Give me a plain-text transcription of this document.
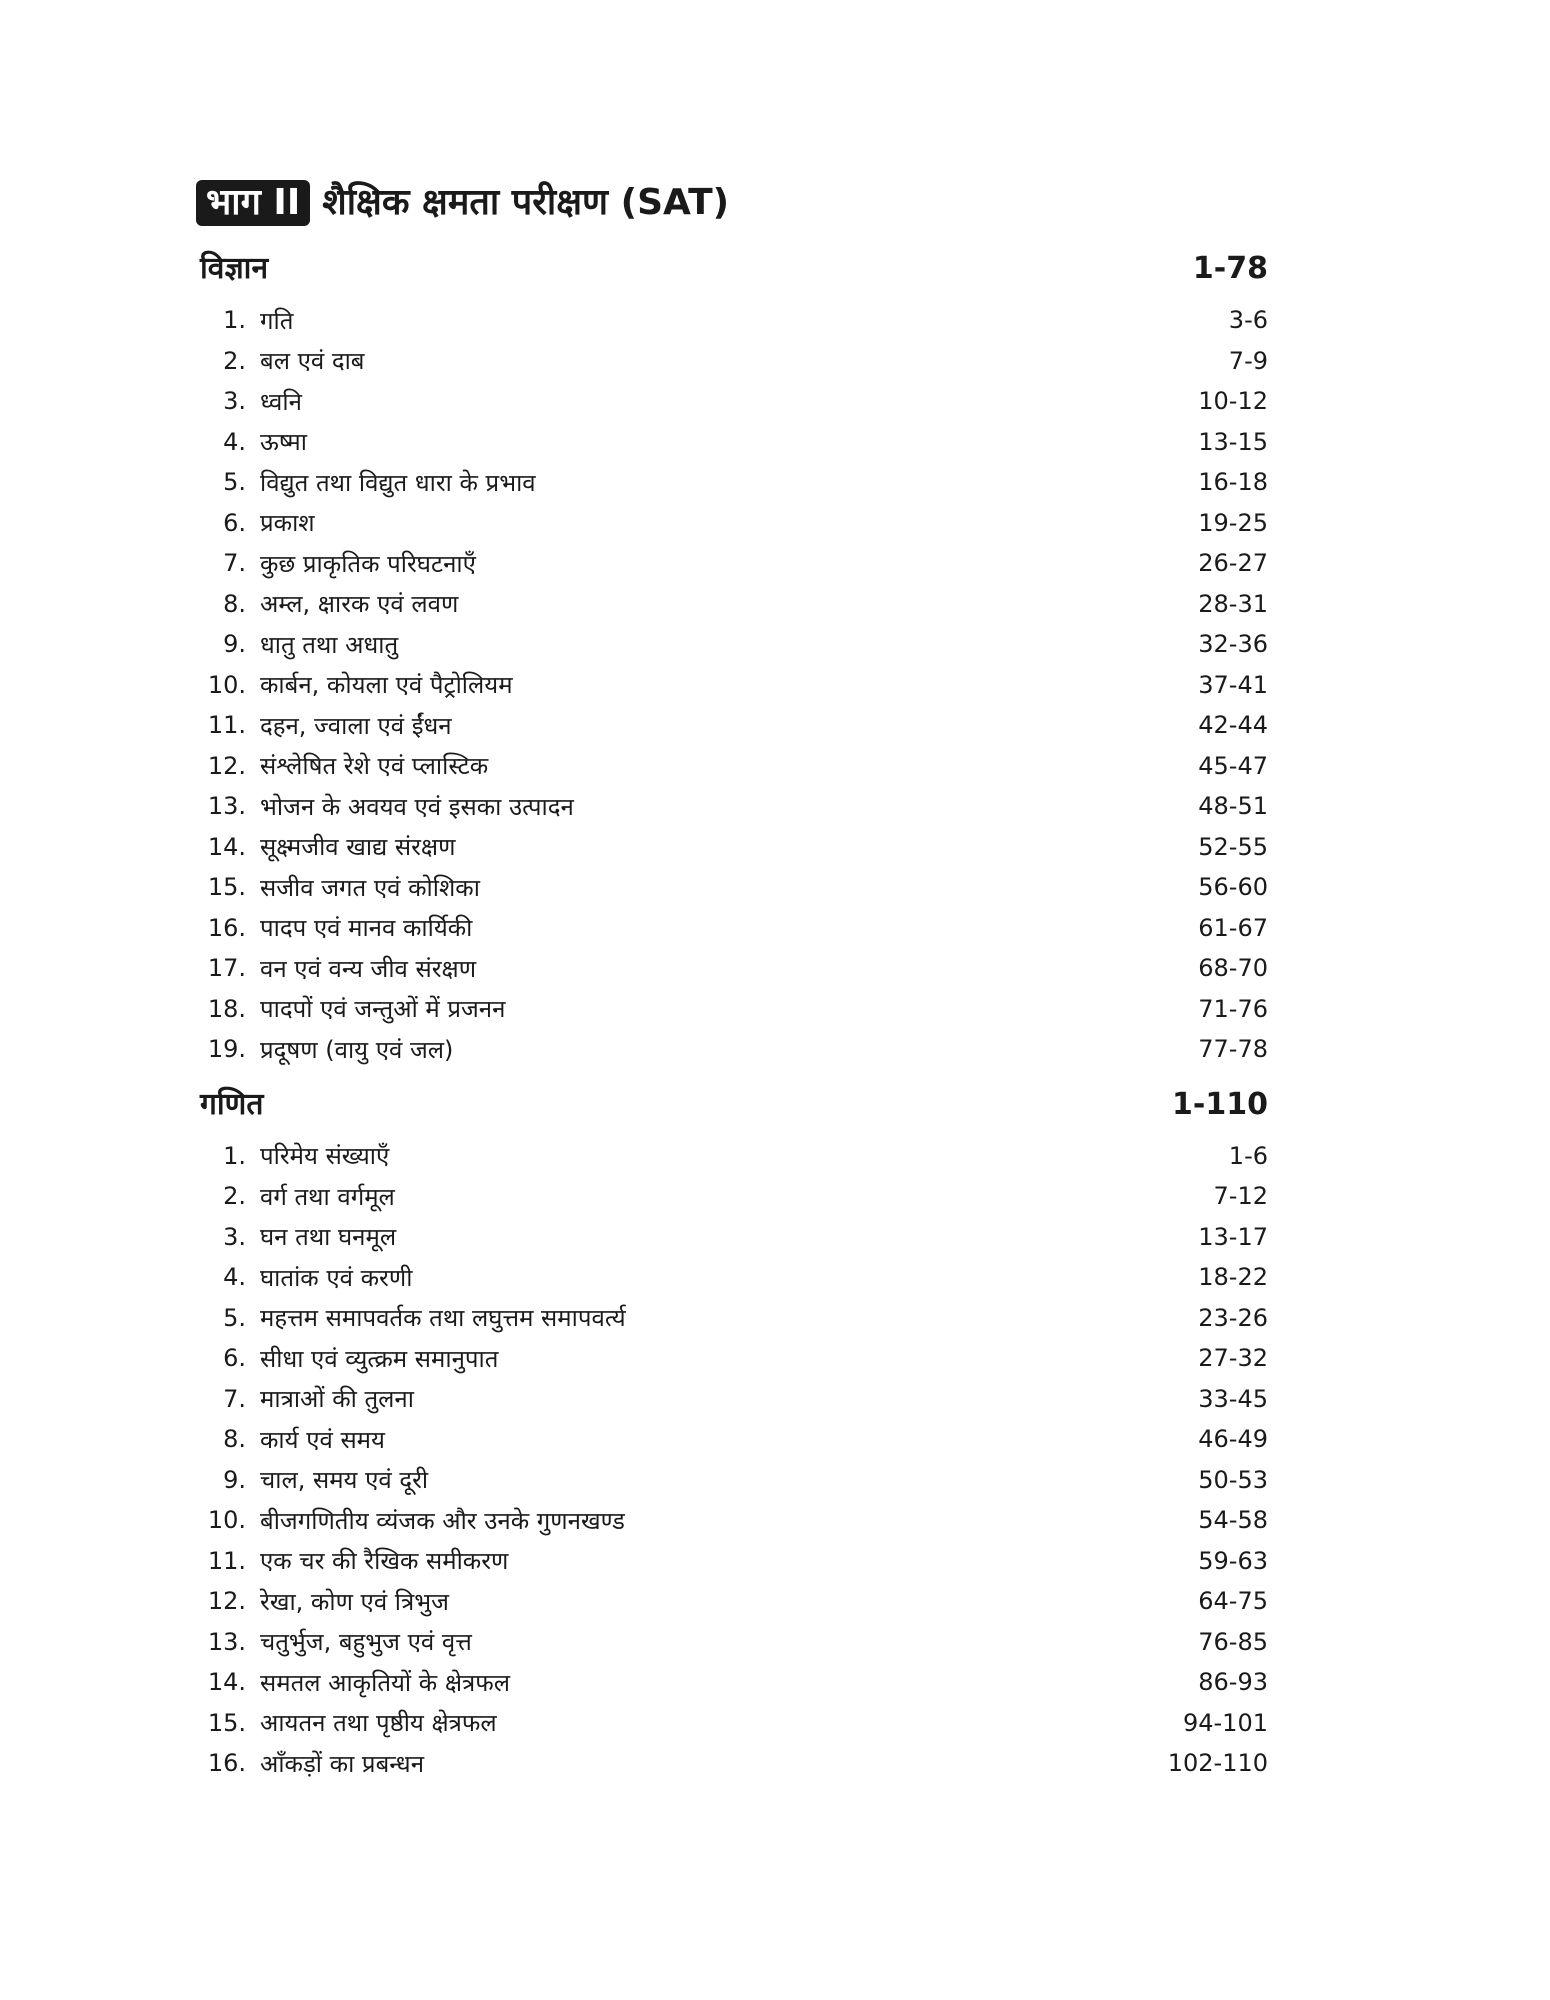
भाग II शैक्षिक क्षमता परीक्षण (SAT)
विज्ञान	1-78
1. गति	3-6
2. बल एवं दाब	7-9
3. ध्वनि	10-12
4. ऊष्मा	13-15
5. विद्युत तथा विद्युत धारा के प्रभाव	16-18
6. प्रकाश	19-25
7. कुछ प्राकृतिक परिघटनाएँ	26-27
8. अम्ल, क्षारक एवं लवण	28-31
9. धातु तथा अधातु	32-36
10. कार्बन, कोयला एवं पैट्रोलियम	37-41
11. दहन, ज्वाला एवं ईंधन	42-44
12. संश्लेषित रेशे एवं प्लास्टिक	45-47
13. भोजन के अवयव एवं इसका उत्पादन	48-51
14. सूक्ष्मजीव खाद्य संरक्षण	52-55
15. सजीव जगत एवं कोशिका	56-60
16. पादप एवं मानव कार्यिकी	61-67
17. वन एवं वन्य जीव संरक्षण	68-70
18. पादपों एवं जन्तुओं में प्रजनन	71-76
19. प्रदूषण (वायु एवं जल)	77-78
गणित	1-110
1. परिमेय संख्याएँ	1-6
2. वर्ग तथा वर्गमूल	7-12
3. घन तथा घनमूल	13-17
4. घातांक एवं करणी	18-22
5. महत्तम समापवर्तक तथा लघुत्तम समापवर्त्य	23-26
6. सीधा एवं व्युत्क्रम समानुपात	27-32
7. मात्राओं की तुलना	33-45
8. कार्य एवं समय	46-49
9. चाल, समय एवं दूरी	50-53
10. बीजगणितीय व्यंजक और उनके गुणनखण्ड	54-58
11. एक चर की रैखिक समीकरण	59-63
12. रेखा, कोण एवं त्रिभुज	64-75
13. चतुर्भुज, बहुभुज एवं वृत्त	76-85
14. समतल आकृतियों के क्षेत्रफल	86-93
15. आयतन तथा पृष्ठीय क्षेत्रफल	94-101
16. आँकड़ों का प्रबन्धन	102-110
